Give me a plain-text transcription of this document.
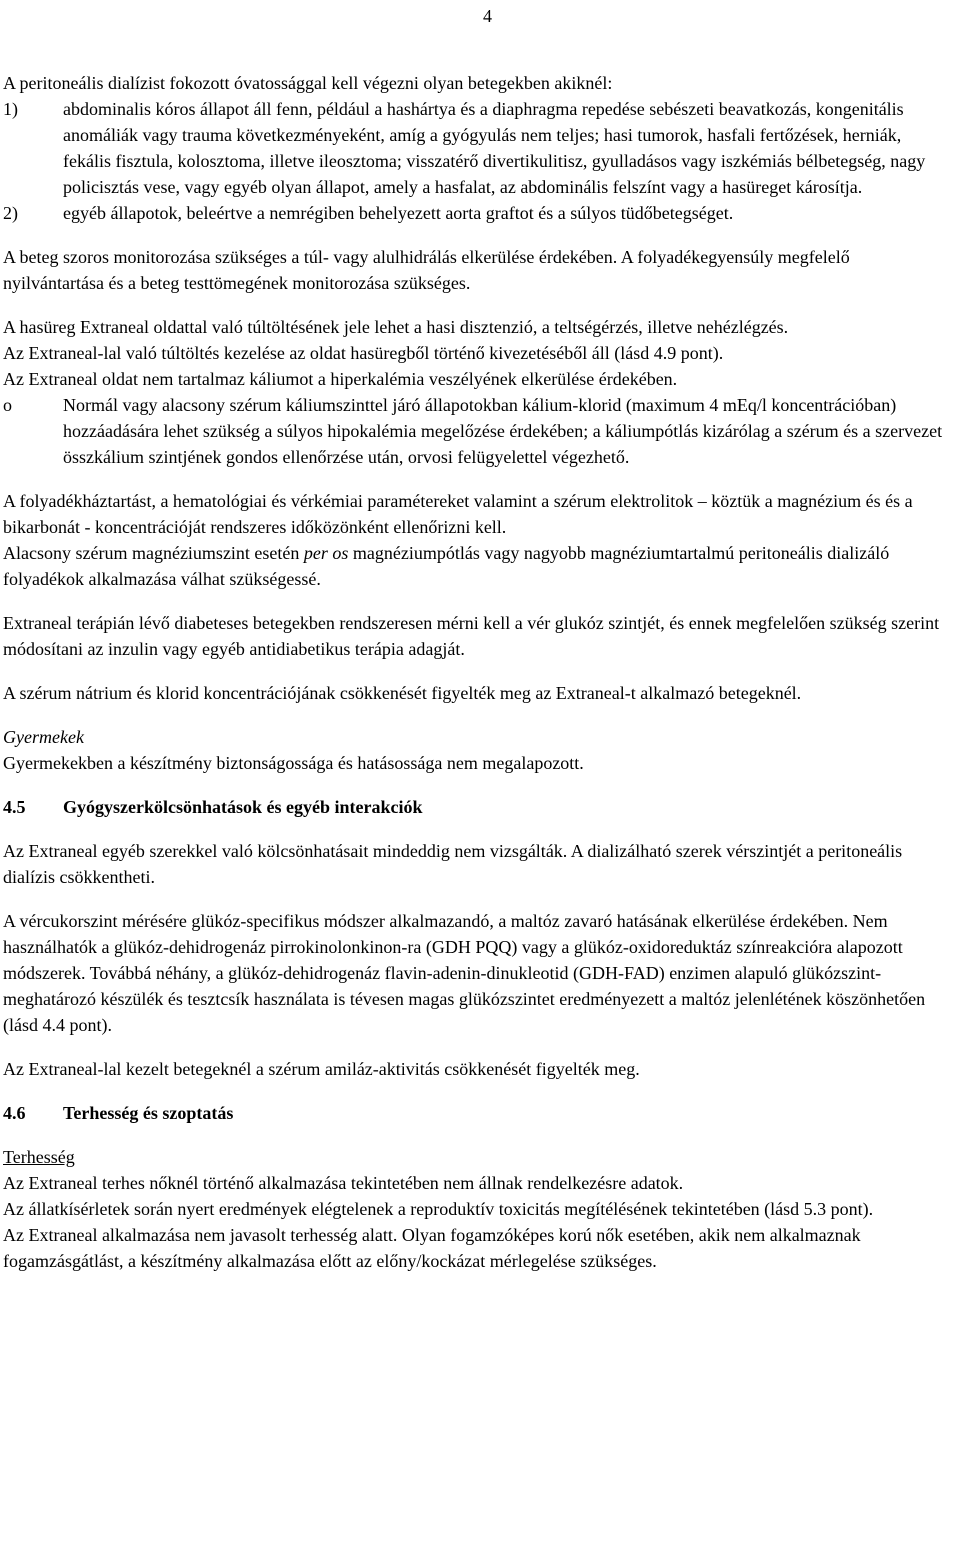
4

A peritoneális dialízist fokozott óvatossággal kell végezni olyan betegekben akiknél:

1)	abdominalis kóros állapot áll fenn, például a hashártya és a diaphragma repedése sebészeti beavatkozás, kongenitális anomáliák vagy trauma következményeként, amíg a gyógyulás nem teljes; hasi tumorok, hasfali fertőzések, herniák, fekális fisztula, kolosztoma, illetve ileosztoma; visszatérő divertikulitisz, gyulladásos vagy iszkémiás bélbetegség, nagy policisztás vese, vagy egyéb olyan állapot, amely a hasfalat, az abdominális felszínt vagy a hasüreget károsítja.
2)	egyéb állapotok, beleértve a nemrégiben behelyezett aorta graftot és a súlyos tüdőbetegséget.

A beteg szoros monitorozása szükséges a túl- vagy alulhidrálás elkerülése érdekében. A folyadékegyensúly megfelelő nyilvántartása és a beteg testtömegének monitorozása szükséges.

A hasüreg Extraneal oldattal való túltöltésének jele lehet a hasi disztenzió, a teltségérzés, illetve nehézlégzés.

Az Extraneal-lal való túltöltés kezelése az oldat hasüregből történő kivezetéséből áll (lásd 4.9 pont).

Az Extraneal oldat nem tartalmaz káliumot a hiperkalémia veszélyének elkerülése érdekében.

o	Normál vagy alacsony szérum káliumszinttel járó állapotokban kálium-klorid (maximum 4 mEq/l koncentrációban) hozzáadására lehet szükség a súlyos hipokalémia megelőzése érdekében; a káliumpótlás kizárólag a szérum és a szervezet összkálium szintjének gondos ellenőrzése után, orvosi felügyelettel végezhető.

A folyadékháztartást, a hematológiai és vérkémiai paramétereket valamint a szérum elektrolitok – köztük a magnézium és és a bikarbonát - koncentrációját rendszeres időközönként ellenőrizni kell.

Alacsony szérum magnéziumszint esetén per os magnéziumpótlás vagy nagyobb magnéziumtartalmú peritoneális dializáló folyadékok alkalmazása válhat szükségessé.

Extraneal terápián lévő diabeteses betegekben rendszeresen mérni kell a vér glukóz szintjét, és ennek megfelelően szükség szerint módosítani az inzulin vagy egyéb antidiabetikus terápia adagját.

A szérum nátrium és klorid koncentrációjának csökkenését figyelték meg az Extraneal-t alkalmazó betegeknél.

Gyermekek

Gyermekekben a készítmény biztonságossága és hatásossága nem megalapozott.

4.5	Gyógyszerkölcsönhatások és egyéb interakciók

Az Extraneal egyéb szerekkel való kölcsönhatásait mindeddig nem vizsgálták. A dializálható szerek vérszintjét a peritoneális dialízis csökkentheti.

A vércukorszint mérésére glükóz-specifikus módszer alkalmazandó, a maltóz zavaró hatásának elkerülése érdekében. Nem használhatók a glükóz-dehidrogenáz pirrokinolonkinon-ra (GDH PQQ) vagy a glükóz-oxidoreduktáz színreakcióra alapozott módszerek. Továbbá néhány, a glükóz-dehidrogenáz flavin-adenin-dinukleotid (GDH-FAD) enzimen alapuló glükózszint-meghatározó készülék és tesztcsík használata is tévesen magas glükózszintet eredményezett a maltóz jelenlétének köszönhetően (lásd 4.4 pont).

Az Extraneal-lal kezelt betegeknél a szérum amiláz-aktivitás csökkenését figyelték meg.

4.6	Terhesség és szoptatás

Terhesség

Az Extraneal terhes nőknél történő alkalmazása tekintetében nem állnak rendelkezésre adatok.

Az állatkísérletek során nyert eredmények elégtelenek a reproduktív toxicitás megítélésének tekintetében (lásd 5.3 pont).

Az Extraneal alkalmazása nem javasolt terhesség alatt. Olyan fogamzóképes korú nők esetében, akik nem alkalmaznak fogamzásgátlást, a készítmény alkalmazása előtt az előny/kockázat mérlegelése szükséges.
